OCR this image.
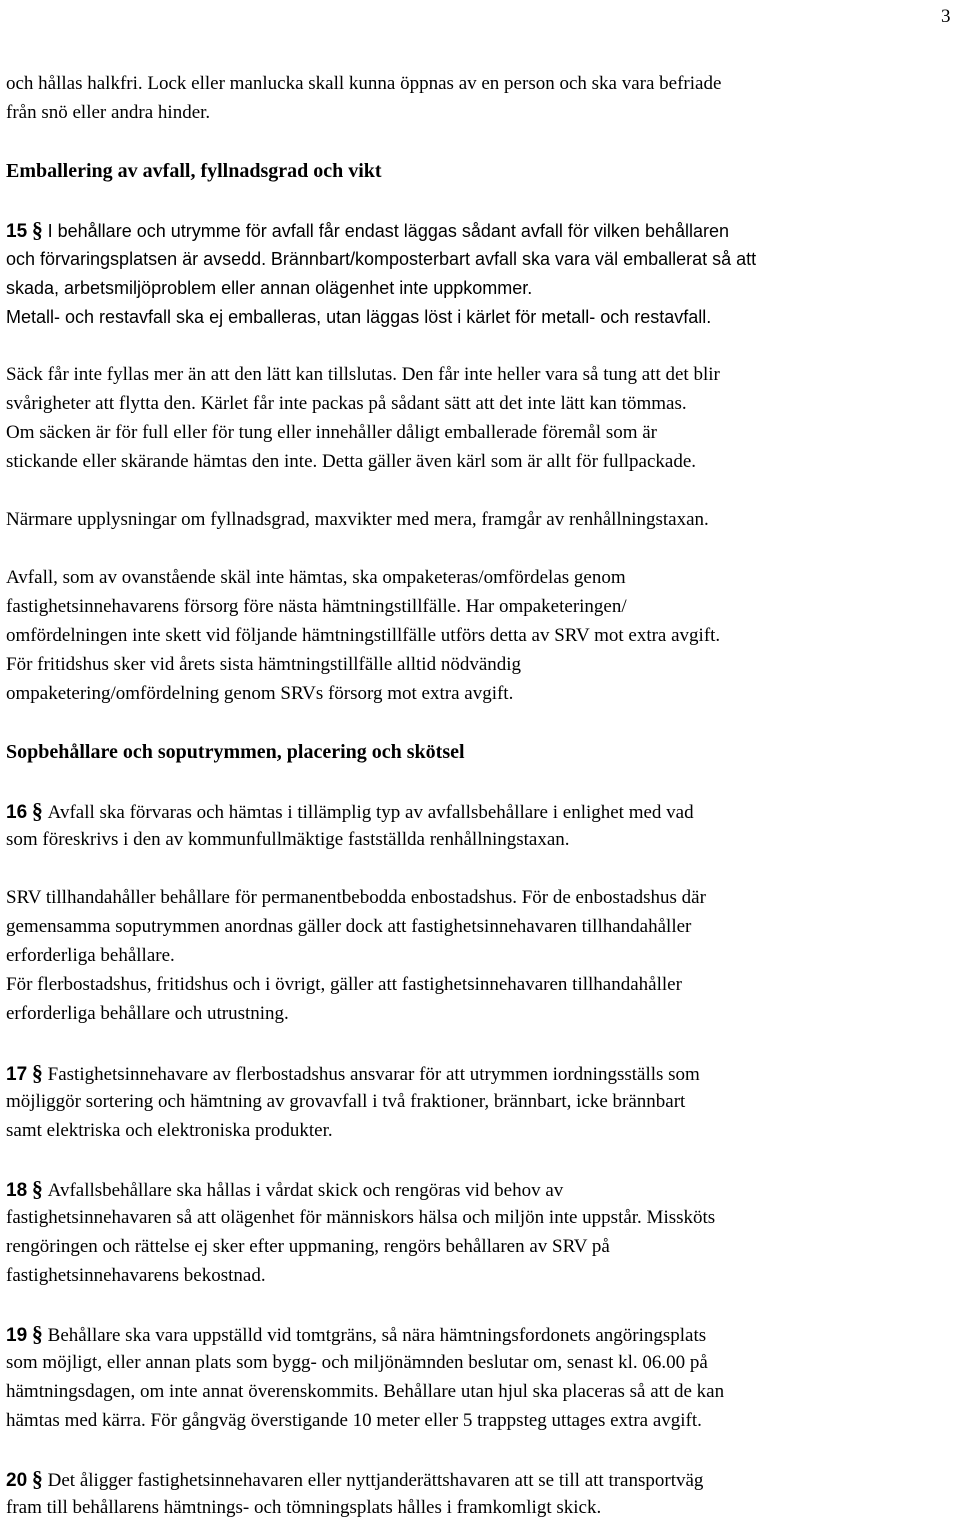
3
och hållas halkfri. Lock eller manlucka skall kunna öppnas av en person och ska vara befriade
från snö eller andra hinder.
Emballering av avfall, fyllnadsgrad och vikt
15 § I behållare och utrymme för avfall får endast läggas sådant avfall för vilken behållaren
och förvaringsplatsen är avsedd. Brännbart/komposterbart avfall ska vara väl emballerat så att
skada, arbetsmiljöproblem eller annan olägenhet inte uppkommer.
Metall- och restavfall ska ej emballeras, utan läggas löst i kärlet för metall- och restavfall.
Säck får inte fyllas mer än att den lätt kan tillslutas. Den får inte heller vara så tung att det blir
svårigheter att flytta den. Kärlet får inte packas på sådant sätt att det inte lätt kan tömmas.
Om säcken är för full eller för tung eller innehåller dåligt emballerade föremål som är
stickande eller skärande hämtas den inte. Detta gäller även kärl som är allt för fullpackade.
Närmare upplysningar om fyllnadsgrad, maxvikter med mera, framgår av renhållningstaxan.
Avfall, som av ovanstående skäl inte hämtas, ska ompaketeras/omfördelas genom
fastighetsinnehavarens försorg före nästa hämtningstillfälle. Har ompaketeringen/
omfördelningen inte skett vid följande hämtningstillfälle utförs detta av SRV mot extra avgift.
För fritidshus sker vid årets sista hämtningstillfälle alltid nödvändig
ompaketering/omfördelning genom SRVs försorg mot extra avgift.
Sopbehållare och soputrymmen, placering och skötsel
16 § Avfall ska förvaras och hämtas i tillämplig typ av avfallsbehållare i enlighet med vad
som föreskrivs i den av kommunfullmäktige fastställda renhållningstaxan.
SRV tillhandahåller behållare för permanentbebodda enbostadshus. För de enbostadshus där
gemensamma soputrymmen anordnas gäller dock att fastighetsinnehavaren tillhandahåller
erforderliga behållare.
För flerbostadshus, fritidshus och i övrigt, gäller att fastighetsinnehavaren tillhandahåller
erforderliga behållare och utrustning.
17 § Fastighetsinnehavare av flerbostadshus ansvarar för att utrymmen iordningsställs som
möjliggör sortering och hämtning av grovavfall i två fraktioner, brännbart, icke brännbart
samt elektriska och elektroniska produkter.
18 § Avfallsbehållare ska hållas i vårdat skick och rengöras vid behov av
fastighetsinnehavaren så att olägenhet för människors hälsa och miljön inte uppstår. Missköts
rengöringen och rättelse ej sker efter uppmaning, rengörs behållaren av SRV på
fastighetsinnehavarens bekostnad.
19 § Behållare ska vara uppställd vid tomtgräns, så nära hämtningsfordonets angöringsplats
som möjligt, eller annan plats som bygg- och miljönämnden beslutar om, senast kl. 06.00 på
hämtningsdagen, om inte annat överenskommits. Behållare utan hjul ska placeras så att de kan
hämtas med kärra. För gångväg överstigande 10 meter eller 5 trappsteg uttages extra avgift.
20 § Det åligger fastighetsinnehavaren eller nyttjanderättshavaren att se till att transportväg
fram till behållarens hämtnings- och tömningsplats hålles i framkomligt skick.
